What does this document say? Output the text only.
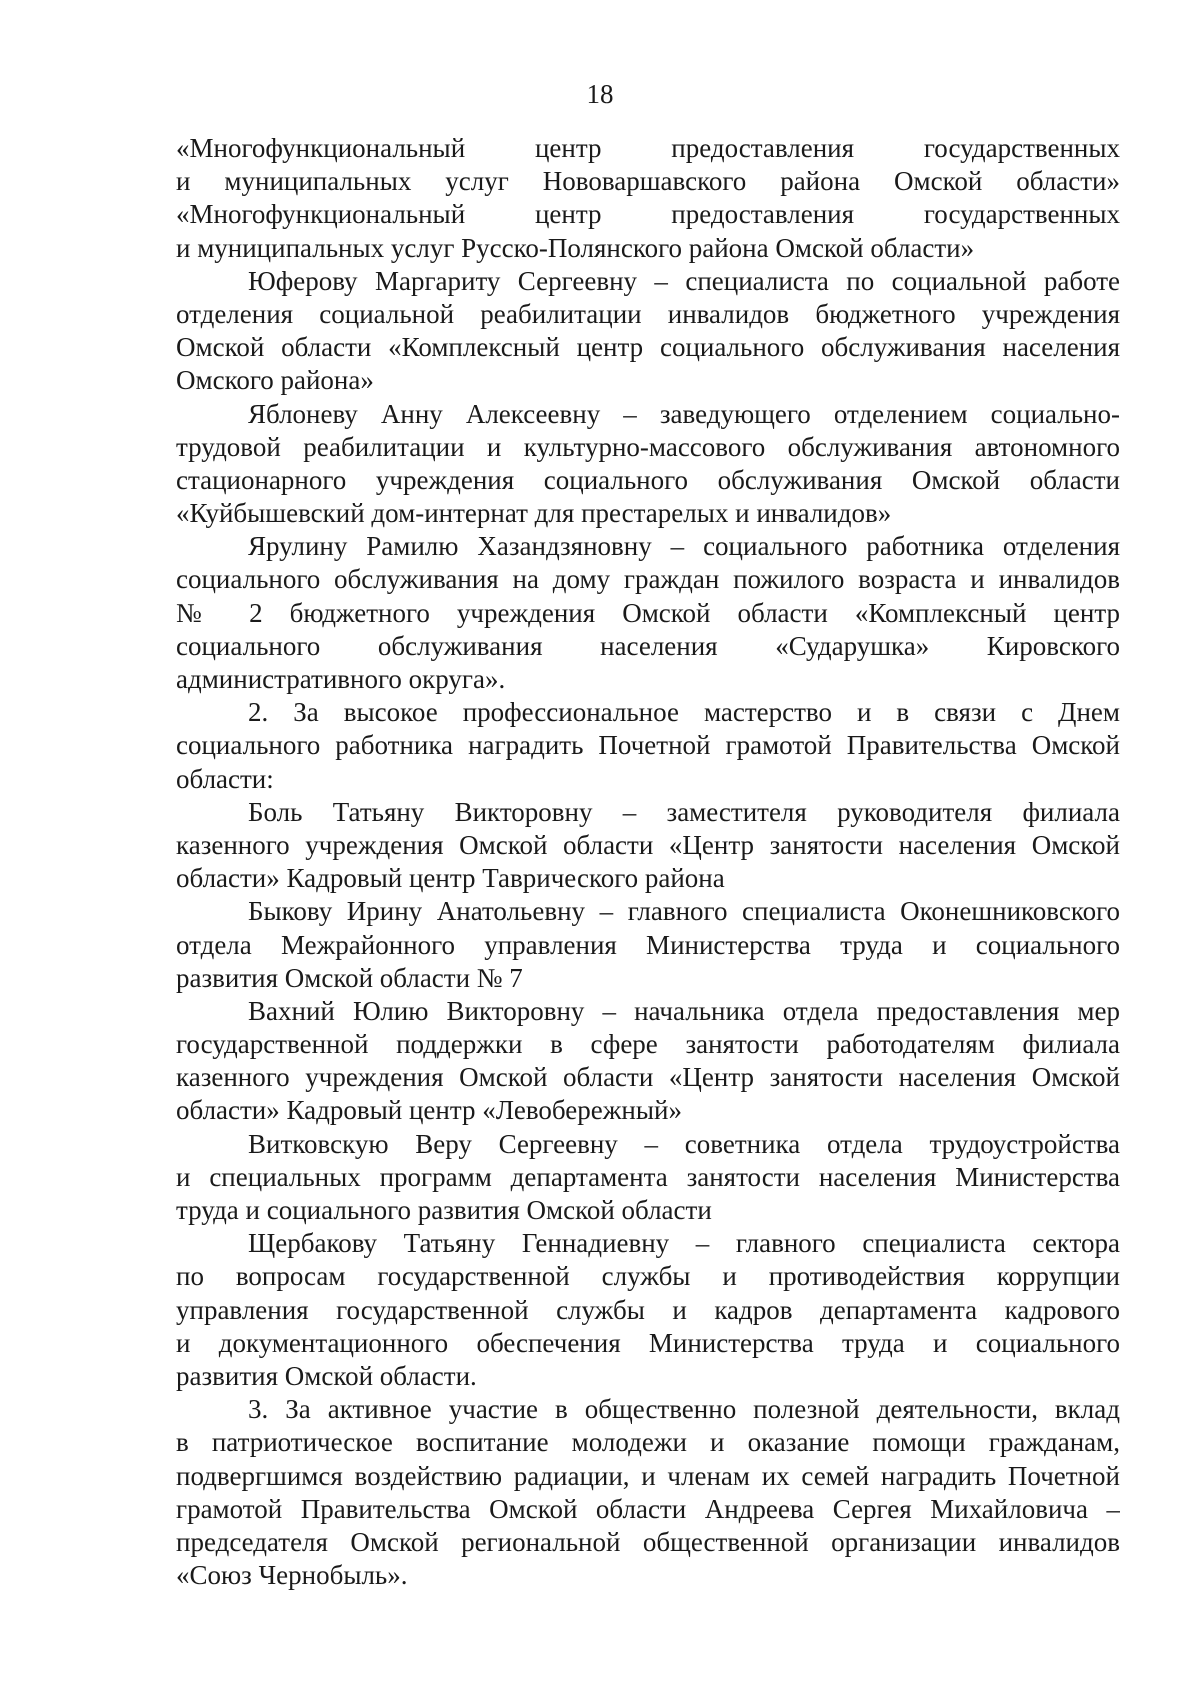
18
«Многофункциональный центр предоставления государственных
и муниципальных услуг Нововаршавского района Омской области»
«Многофункциональный центр предоставления государственных
и муниципальных услуг Русско-Полянского района Омской области»
Юферову Маргариту Сергеевну – специалиста по социальной работе
отделения социальной реабилитации инвалидов бюджетного учреждения
Омской области «Комплексный центр социального обслуживания населения
Омского района»
Яблоневу Анну Алексеевну – заведующего отделением социально-
трудовой реабилитации и культурно-массового обслуживания автономного
стационарного учреждения социального обслуживания Омской области
«Куйбышевский дом-интернат для престарелых и инвалидов»
Ярулину Рамилю Хазандзяновну – социального работника отделения
социального обслуживания на дому граждан пожилого возраста и инвалидов
№ 2 бюджетного учреждения Омской области «Комплексный центр
социального обслуживания населения «Сударушка» Кировского
административного округа».
2. За высокое профессиональное мастерство и в связи с Днем
социального работника наградить Почетной грамотой Правительства Омской
области:
Боль Татьяну Викторовну – заместителя руководителя филиала
казенного учреждения Омской области «Центр занятости населения Омской
области» Кадровый центр Таврического района
Быкову Ирину Анатольевну – главного специалиста Оконешниковского
отдела Межрайонного управления Министерства труда и социального
развития Омской области № 7
Вахний Юлию Викторовну – начальника отдела предоставления мер
государственной поддержки в сфере занятости работодателям филиала
казенного учреждения Омской области «Центр занятости населения Омской
области» Кадровый центр «Левобережный»
Витковскую Веру Сергеевну – советника отдела трудоустройства
и специальных программ департамента занятости населения Министерства
труда и социального развития Омской области
Щербакову Татьяну Геннадиевну – главного специалиста сектора
по вопросам государственной службы и противодействия коррупции
управления государственной службы и кадров департамента кадрового
и документационного обеспечения Министерства труда и социального
развития Омской области.
3. За активное участие в общественно полезной деятельности, вклад
в патриотическое воспитание молодежи и оказание помощи гражданам,
подвергшимся воздействию радиации, и членам их семей наградить Почетной
грамотой Правительства Омской области Андреева Сергея Михайловича –
председателя Омской региональной общественной организации инвалидов
«Союз Чернобыль».
